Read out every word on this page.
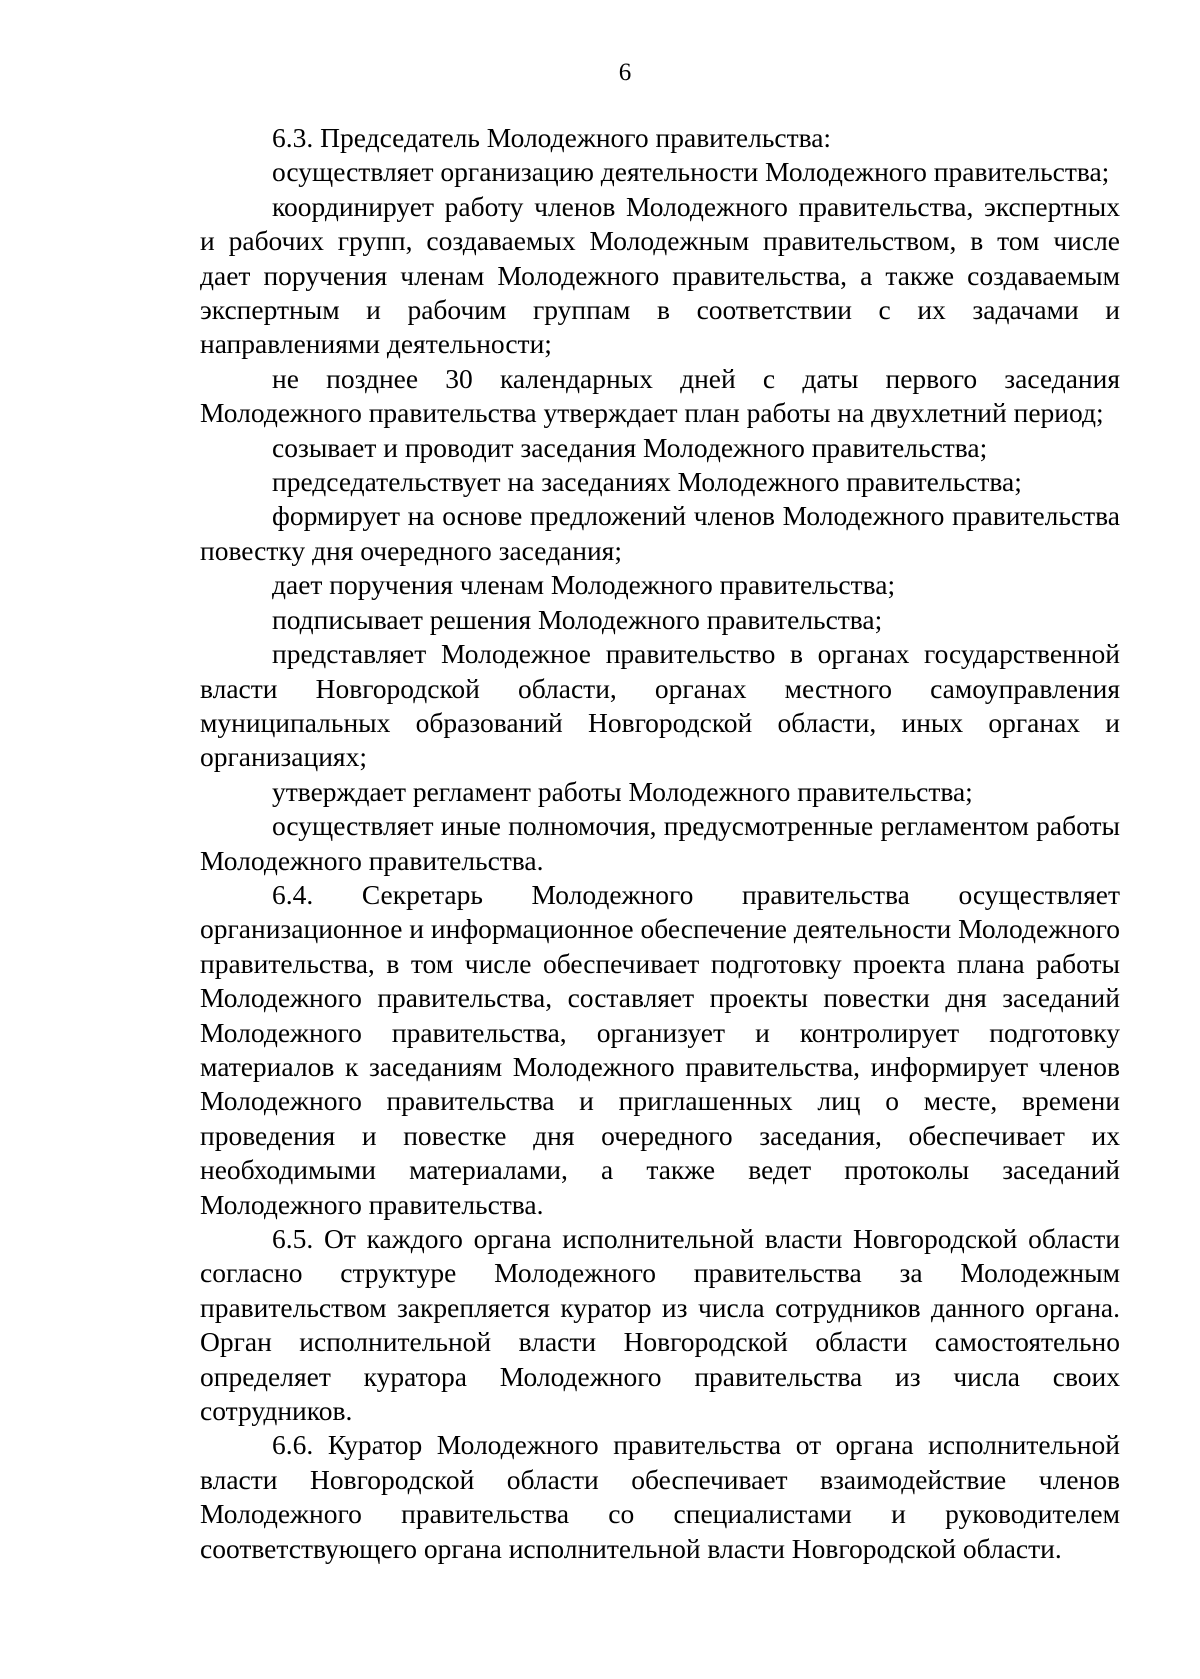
6

6.3. Председатель Молодежного правительства:

осуществляет организацию деятельности Молодежного правительства;

координирует работу членов Молодежного правительства, экспертных и рабочих групп, создаваемых Молодежным правительством, в том числе дает поручения членам Молодежного правительства, а также создаваемым экспертным и рабочим группам в соответствии с их задачами и направлениями деятельности;

не позднее 30 календарных дней с даты первого заседания Молодежного правительства утверждает план работы на двухлетний период;

созывает и проводит заседания Молодежного правительства;

председательствует на заседаниях Молодежного правительства;

формирует на основе предложений членов Молодежного правительства повестку дня очередного заседания;

дает поручения членам Молодежного правительства;

подписывает решения Молодежного правительства;

представляет Молодежное правительство в органах государственной власти Новгородской области, органах местного самоуправления муниципальных образований Новгородской области, иных органах и организациях;

утверждает регламент работы Молодежного правительства;

осуществляет иные полномочия, предусмотренные регламентом работы Молодежного правительства.

6.4. Секретарь Молодежного правительства осуществляет организационное и информационное обеспечение деятельности Молодежного правительства, в том числе обеспечивает подготовку проекта плана работы Молодежного правительства, составляет проекты повестки дня заседаний Молодежного правительства, организует и контролирует подготовку материалов к заседаниям Молодежного правительства, информирует членов Молодежного правительства и приглашенных лиц о месте, времени проведения и повестке дня очередного заседания, обеспечивает их необходимыми материалами, а также ведет протоколы заседаний Молодежного правительства.

6.5. От каждого органа исполнительной власти Новгородской области согласно структуре Молодежного правительства за Молодежным правительством закрепляется куратор из числа сотрудников данного органа. Орган исполнительной власти Новгородской области самостоятельно определяет куратора Молодежного правительства из числа своих сотрудников.

6.6. Куратор Молодежного правительства от органа исполнительной власти Новгородской области обеспечивает взаимодействие членов Молодежного правительства со специалистами и руководителем соответствующего органа исполнительной власти Новгородской области.
